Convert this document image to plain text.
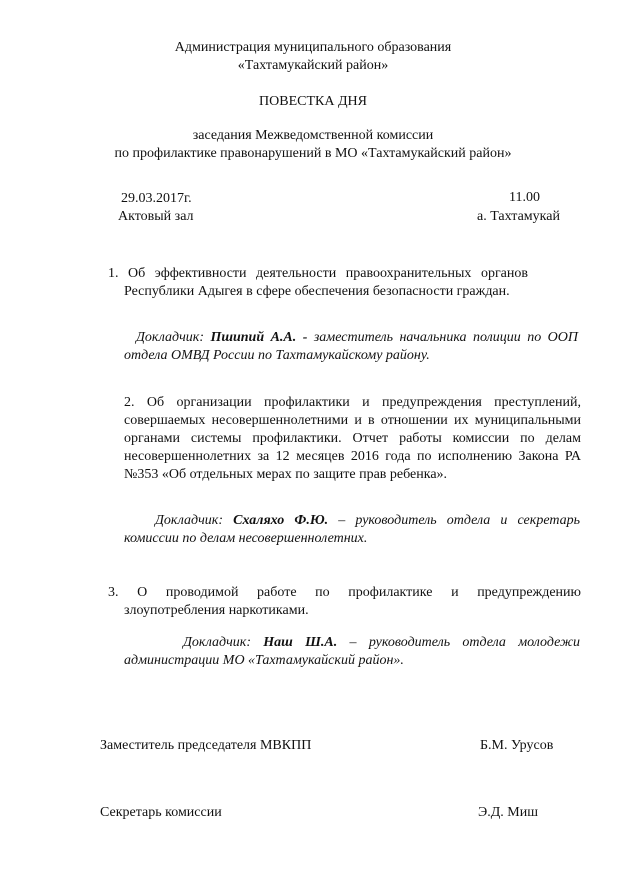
Администрация муниципального образования
«Тахтамукайский район»
ПОВЕСТКА ДНЯ
заседания Межведомственной комиссии
по профилактике правонарушений в МО «Тахтамукайский район»
29.03.2017г.	11.00
Актовый зал	а. Тахтамукай
1. Об эффективности деятельности правоохранительных органов
Республики Адыгея в сфере обеспечения безопасности граждан.
Докладчик: Пшипий А.А. - заместитель начальника полиции по ООП
отдела ОМВД России по Тахтамукайскому району.
2. Об организации профилактики и предупреждения преступлений,
совершаемых несовершеннолетними и в отношении их муниципальными
органами системы профилактики. Отчет работы комиссии по делам
несовершеннолетних за 12 месяцев 2016 года по исполнению Закона РА
№353 «Об отдельных мерах по защите прав ребенка».
Докладчик: Схаляхо Ф.Ю. – руководитель отдела и секретарь
комиссии по делам несовершеннолетних.
3. О проводимой работе по профилактике и предупреждению
злоупотребления наркотиками.
Докладчик: Наш Ш.А. – руководитель отдела молодежи
администрации МО «Тахтамукайский район».
Заместитель председателя МВКПП	Б.М. Урусов
Секретарь комиссии	Э.Д. Миш
